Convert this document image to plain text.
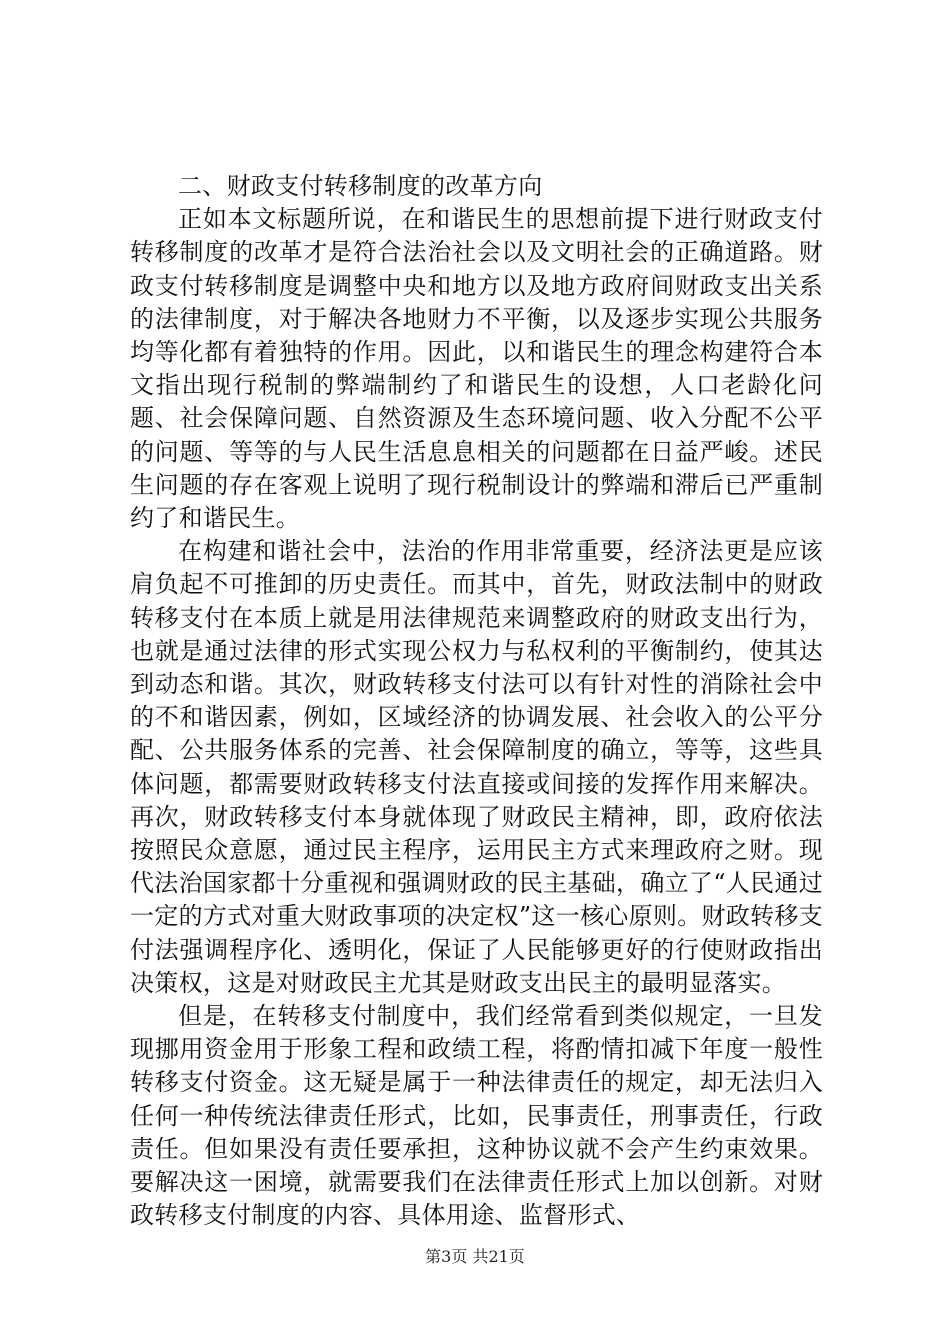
二、财政支付转移制度的改革方向

正如本文标题所说，在和谐民生的思想前提下进行财政支付转移制度的改革才是符合法治社会以及文明社会的正确道路。财政支付转移制度是调整中央和地方以及地方政府间财政支出关系的法律制度，对于解决各地财力不平衡，以及逐步实现公共服务均等化都有着独特的作用。因此，以和谐民生的理念构建符合本文指出现行税制的弊端制约了和谐民生的设想，人口老龄化问题、社会保障问题、自然资源及生态环境问题、收入分配不公平的问题、等等的与人民生活息息相关的问题都在日益严峻。述民生问题的存在客观上说明了现行税制设计的弊端和滞后已严重制约了和谐民生。

在构建和谐社会中，法治的作用非常重要，经济法更是应该肩负起不可推卸的历史责任。而其中，首先，财政法制中的财政转移支付在本质上就是用法律规范来调整政府的财政支出行为，也就是通过法律的形式实现公权力与私权利的平衡制约，使其达到动态和谐。其次，财政转移支付法可以有针对性的消除社会中的不和谐因素，例如，区域经济的协调发展、社会收入的公平分配、公共服务体系的完善、社会保障制度的确立，等等，这些具体问题，都需要财政转移支付法直接或间接的发挥作用来解决。再次，财政转移支付本身就体现了财政民主精神，即，政府依法按照民众意愿，通过民主程序，运用民主方式来理政府之财。现代法治国家都十分重视和强调财政的民主基础，确立了“人民通过一定的方式对重大财政事项的决定权”这一核心原则。财政转移支付法强调程序化、透明化，保证了人民能够更好的行使财政指出决策权，这是对财政民主尤其是财政支出民主的最明显落实。

但是，在转移支付制度中，我们经常看到类似规定，一旦发现挪用资金用于形象工程和政绩工程，将酌情扣减下年度一般性转移支付资金。这无疑是属于一种法律责任的规定，却无法归入任何一种传统法律责任形式，比如，民事责任，刑事责任，行政责任。但如果没有责任要承担，这种协议就不会产生约束效果。要解决这一困境，就需要我们在法律责任形式上加以创新。对财政转移支付制度的内容、具体用途、监督形式、

第3页 共21页
